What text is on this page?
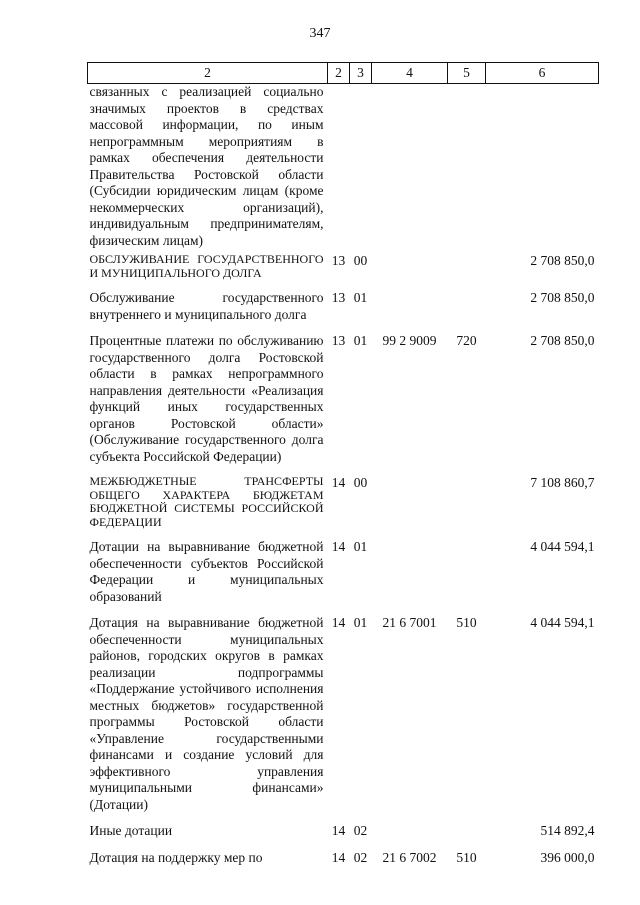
347
2	2	3	4	5	6
связанных с реализацией социально значимых проектов в средствах массовой информации, по иным непрограммным мероприятиям в рамках обеспечения деятельности Правительства Ростовской области (Субсидии юридическим лицам (кроме некоммерческих организаций), индивидуальным предпринимателям, физическим лицам)					
ОБСЛУЖИВАНИЕ ГОСУДАРСТВЕННОГО И МУНИЦИПАЛЬНОГО ДОЛГА	13	00			2 708 850,0
Обслуживание государственного внутреннего и муниципального долга	13	01			2 708 850,0
Процентные платежи по обслуживанию государственного долга Ростовской области в рамках непрограммного направления деятельности «Реализация функций иных государственных органов Ростовской области» (Обслуживание государственного долга субъекта Российской Федерации)	13	01	99 2 9009	720	2 708 850,0
МЕЖБЮДЖЕТНЫЕ ТРАНСФЕРТЫ ОБЩЕГО ХАРАКТЕРА БЮДЖЕТАМ БЮДЖЕТНОЙ СИСТЕМЫ РОССИЙСКОЙ ФЕДЕРАЦИИ	14	00			7 108 860,7
Дотации на выравнивание бюджетной обеспеченности субъектов Российской Федерации и муниципальных образований	14	01			4 044 594,1
Дотация на выравнивание бюджетной обеспеченности муниципальных районов, городских округов в рамках реализации подпрограммы «Поддержание устойчивого исполнения местных бюджетов» государственной программы Ростовской области «Управление государственными финансами и создание условий для эффективного управления муниципальными финансами» (Дотации)	14	01	21 6 7001	510	4 044 594,1
Иные дотации	14	02			514 892,4
Дотация на поддержку мер по	14	02	21 6 7002	510	396 000,0
